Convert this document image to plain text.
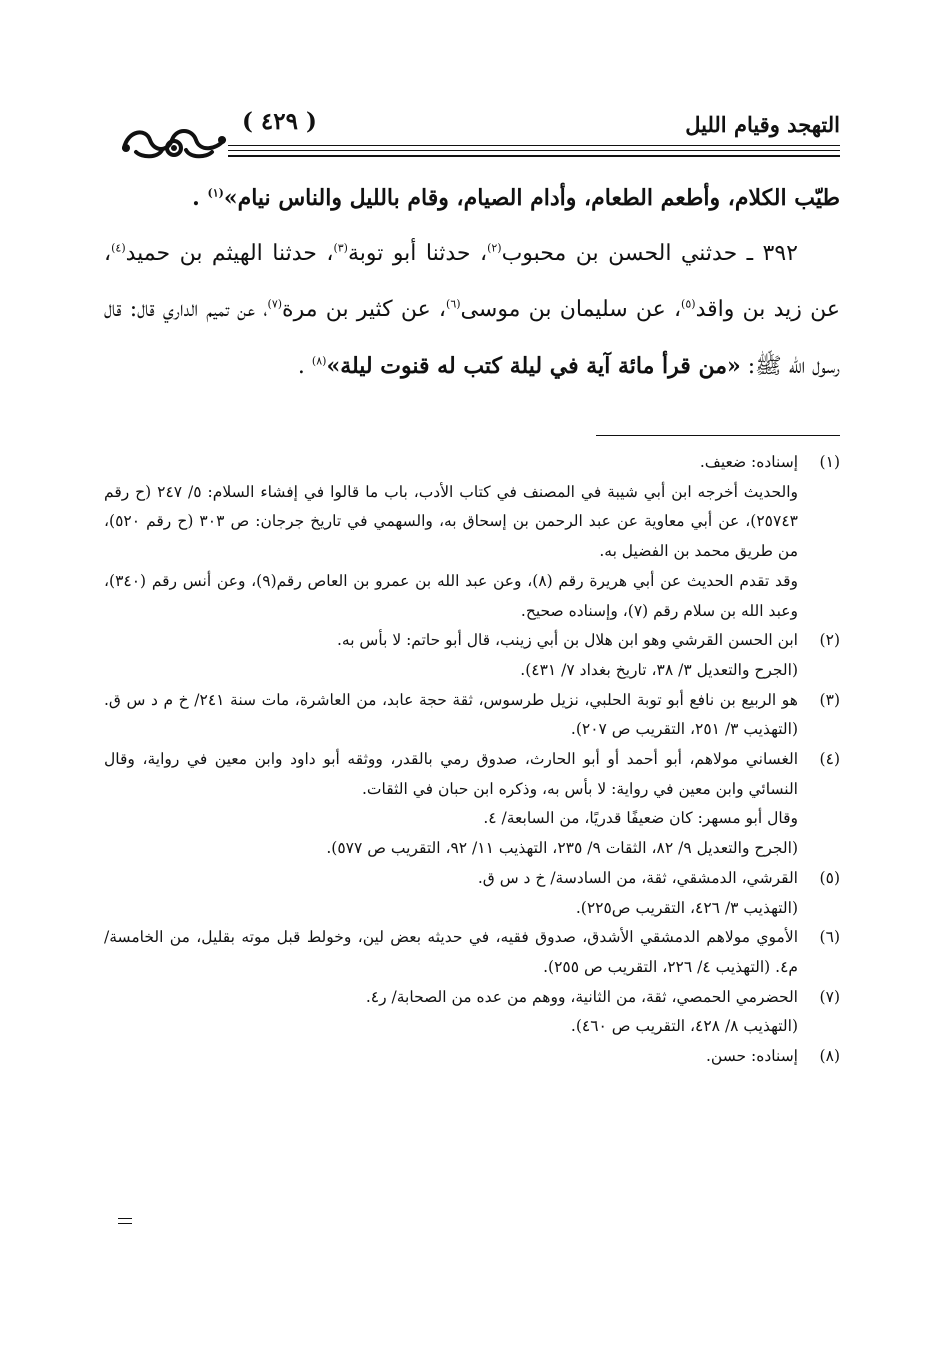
التهجد وقيام الليل
( ٤٢٩ )

طيّب الكلام، وأطعم الطعام، وأدام الصيام، وقام بالليل والناس نيام»$^{(١)}$ .

٣٩٢ ـ حدثني الحسن بن محبوب$^{(٢)}$، حدثنا أبو توبة$^{(٣)}$، حدثنا الهيثم بن حميد$^{(٤)}$، عن زيد بن واقد$^{(٥)}$، عن سليمان بن موسى$^{(٦)}$، عن كثير بن مرة$^{(٧)}$، عن تميم الداري قال: قال رسول الله ﷺ: «من قرأ مائة آية في ليلة كتب له قنوت ليلة»$^{(٨)}$ .

(١)

إسناده: ضعيف.

والحديث أخرجه ابن أبي شيبة في المصنف في كتاب الأدب، باب ما قالوا في إفشاء السلام: ٥/ ٢٤٧ (ح رقم ٢٥٧٤٣)، عن أبي معاوية عن عبد الرحمن بن إسحاق به، والسهمي في تاريخ جرجان: ص ٣٠٣ (ح رقم ٥٢٠)، من طريق محمد بن الفضيل به.

وقد تقدم الحديث عن أبي هريرة رقم (٨)، وعن عبد الله بن عمرو بن العاص رقم(٩)، وعن أنس رقم (٣٤٠)، وعبد الله بن سلام رقم (٧)، وإسناده صحيح.

(٢)

ابن الحسن القرشي وهو ابن هلال بن أبي زينب، قال أبو حاتم: لا بأس به.

(الجرح والتعديل ٣/ ٣٨، تاريخ بغداد ٧/ ٤٣١).

(٣)

هو الربيع بن نافع أبو توبة الحلبي، نزيل طرسوس، ثقة حجة عابد، من العاشرة، مات سنة ٢٤١/ خ م د س ق. (التهذيب ٣/ ٢٥١، التقريب ص ٢٠٧).

(٤)

الغساني مولاهم، أبو أحمد أو أبو الحارث، صدوق رمي بالقدر، ووثقه أبو داود وابن معين في رواية، وقال النسائي وابن معين في رواية: لا بأس به، وذكره ابن حبان في الثقات.

وقال أبو مسهر: كان ضعيفًا قدريًا، من السابعة/ ٤.

(الجرح والتعديل ٩/ ٨٢، الثقات ٩/ ٢٣٥، التهذيب ١١/ ٩٢، التقريب ص ٥٧٧).

(٥)

القرشي، الدمشقي، ثقة، من السادسة/ خ د س ق.

(التهذيب ٣/ ٤٢٦، التقريب ص٢٢٥).

(٦)

الأموي مولاهم الدمشقي الأشدق، صدوق فقيه، في حديثه بعض لين، وخولط قبل موته بقليل، من الخامسة/ م٤. (التهذيب ٤/ ٢٢٦، التقريب ص ٢٥٥).

(٧)

الحضرمي الحمصي، ثقة، من الثانية، ووهم من عده من الصحابة/ ر٤.

(التهذيب ٨/ ٤٢٨، التقريب ص ٤٦٠).

(٨)

إسناده: حسن.
